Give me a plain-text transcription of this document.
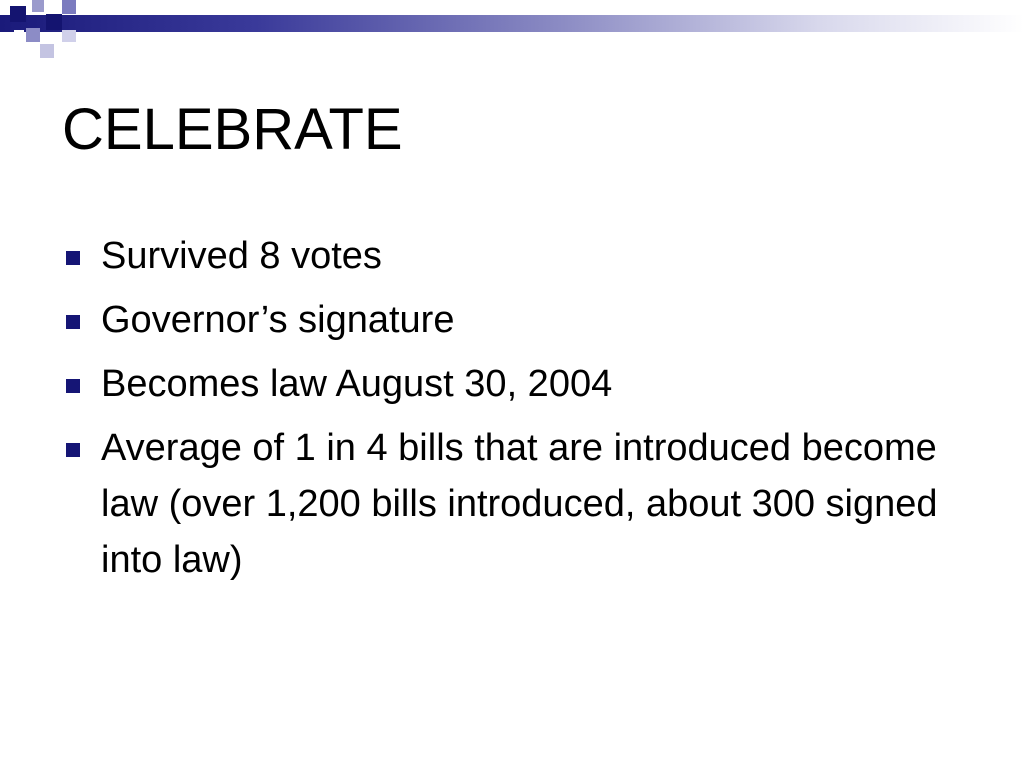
CELEBRATE
Survived 8 votes
Governor’s signature
Becomes law August 30, 2004
Average of 1 in 4 bills that are introduced become law (over 1,200 bills introduced, about 300 signed into law)
